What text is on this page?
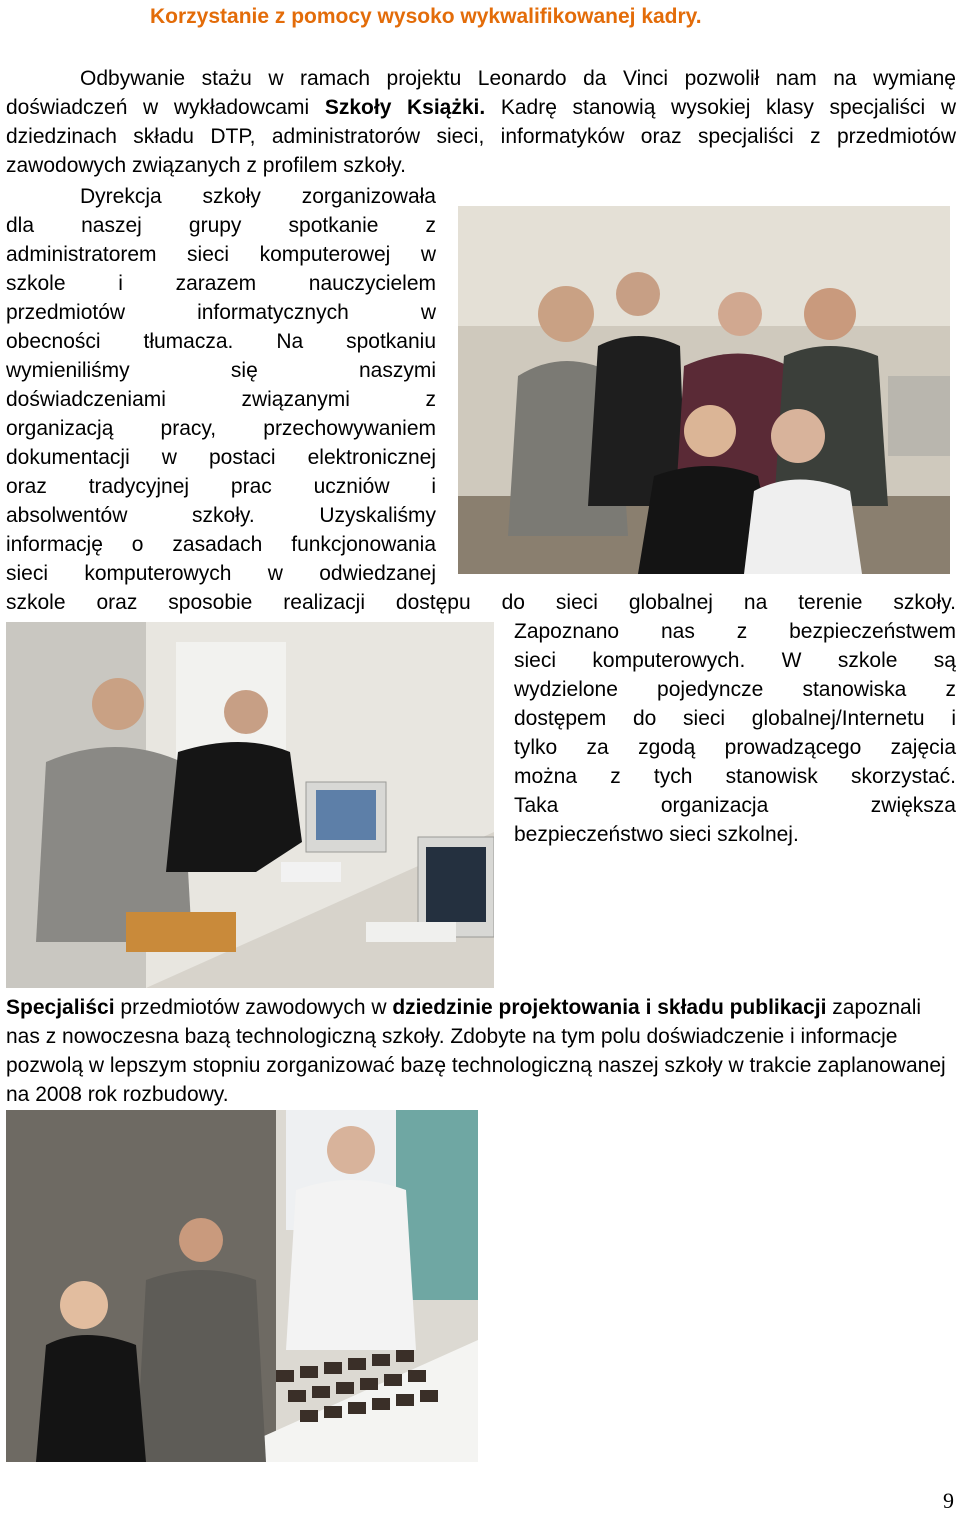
Korzystanie z pomocy wysoko wykwalifikowanej kadry.

Odbywanie stażu w ramach projektu Leonardo da Vinci pozwolił nam na wymianę doświadczeń w wykładowcami Szkoły Książki. Kadrę stanowią wysokiej klasy specjaliści w dziedzinach składu DTP, administratorów sieci, informatyków oraz specjaliści z przedmiotów zawodowych związanych z profilem szkoły.

Dyrekcja szkoły zorganizowała
dla naszej grupy spotkanie z
administratorem sieci komputerowej w
szkole i zarazem nauczycielem
przedmiotów informatycznych w
obecności tłumacza. Na spotkaniu
wymieniliśmy się naszymi
doświadczeniami związanymi z
organizacją pracy, przechowywaniem
dokumentacji w postaci elektronicznej
oraz tradycyjnej prac uczniów i
absolwentów szkoły. Uzyskaliśmy
informację o zasadach funkcjonowania
sieci komputerowych w odwiedzanej
szkole oraz sposobie realizacji dostępu do sieci globalnej na terenie szkoły.
Zapoznano nas z bezpieczeństwem
sieci komputerowych. W szkole są
wydzielone pojedyncze stanowiska z
dostępem do sieci globalnej/Internetu i
tylko za zgodą prowadzącego zajęcia
można z tych stanowisk skorzystać.
Taka organizacja zwiększa
bezpieczeństwo sieci szkolnej.

Specjaliści przedmiotów zawodowych w dziedzinie projektowania i składu publikacji zapoznali nas z nowoczesna bazą technologiczną szkoły. Zdobyte na tym polu doświadczenie i informacje pozwolą w lepszym stopniu zorganizować bazę technologiczną naszej szkoły w trakcie zaplanowanej na 2008 rok rozbudowy.

9
